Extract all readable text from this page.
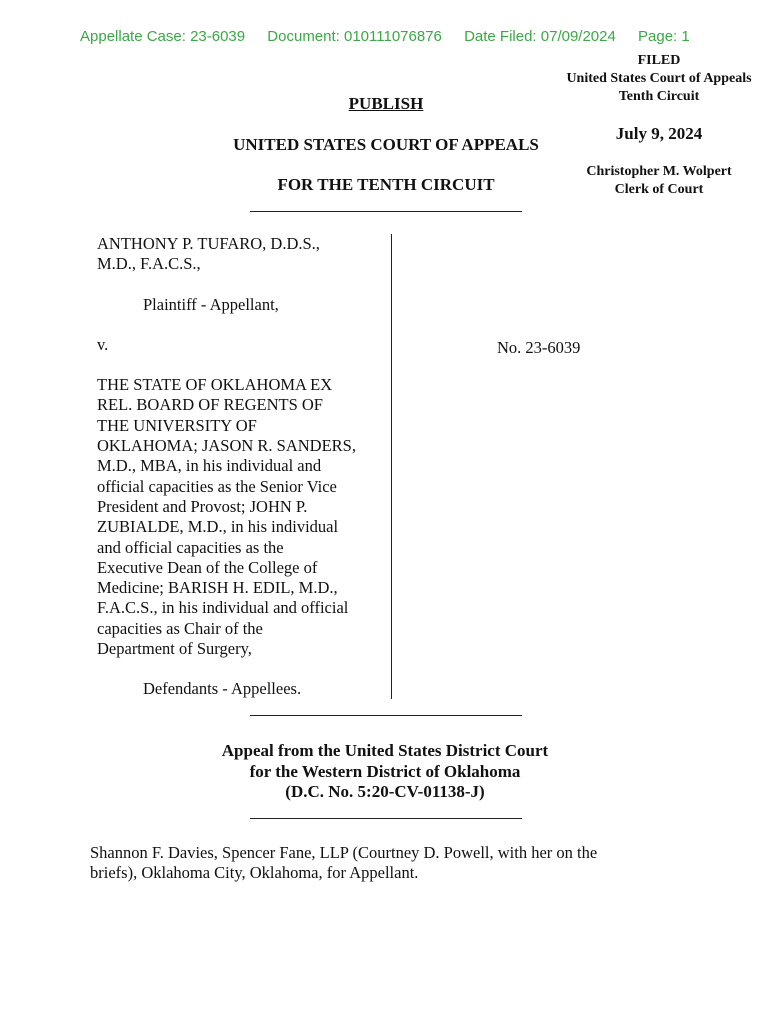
Appellate Case: 23-6039 Document: 010111076876 Date Filed: 07/09/2024 Page: 1
FILED
United States Court of Appeals
Tenth Circuit
July 9, 2024
Christopher M. Wolpert
Clerk of Court
PUBLISH
UNITED STATES COURT OF APPEALS
FOR THE TENTH CIRCUIT

ANTHONY P. TUFARO, D.D.S.,

M.D., F.A.C.S.,

Plaintiff - Appellant,

v.

THE STATE OF OKLAHOMA EX

REL. BOARD OF REGENTS OF

THE UNIVERSITY OF

OKLAHOMA; JASON R. SANDERS,

M.D., MBA, in his individual and

official capacities as the Senior Vice

President and Provost; JOHN P.

ZUBIALDE, M.D., in his individual

and official capacities as the

Executive Dean of the College of

Medicine; BARISH H. EDIL, M.D.,

F.A.C.S., in his individual and official

capacities as Chair of the

Department of Surgery,

Defendants - Appellees.

No. 23-6039
Appeal from the United States District Court
for the Western District of Oklahoma
(D.C. No. 5:20-CV-01138-J)
Shannon F. Davies, Spencer Fane, LLP (Courtney D. Powell, with her on the
briefs), Oklahoma City, Oklahoma, for Appellant.
